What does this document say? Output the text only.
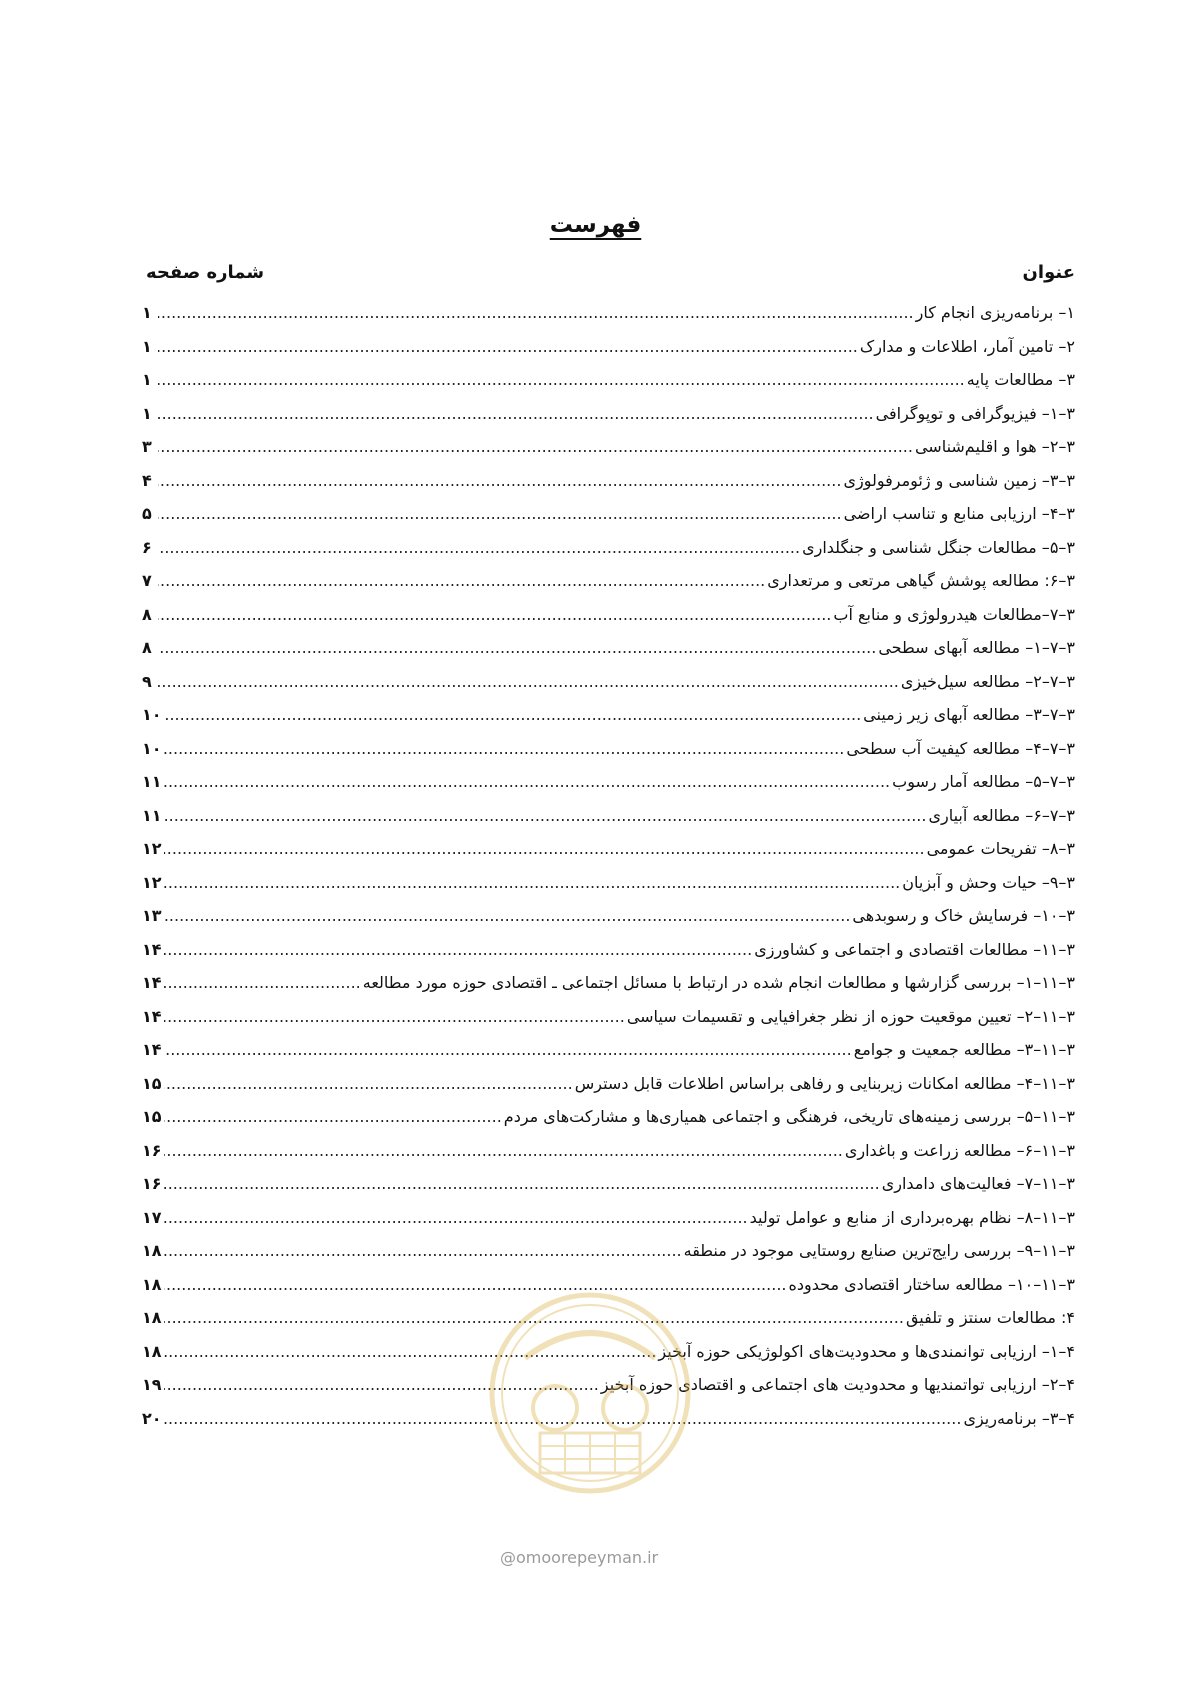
فهرست
عنوان
شماره صفحه
۱– برنامه‌ریزی انجام کار
.....
۱
۲– تامین آمار، اطلاعات و مدارک
.....
۱
۳– مطالعات پایه
.....
۱
۳–۱– فیزیوگرافی و توپوگرافی
.....
۱
۳–۲– هوا و اقلیم‌شناسی
.....
۳
۳–۳– زمین شناسی و ژئومرفولوژی
.....
۴
۳–۴– ارزیابی منابع و تناسب اراضی
.....
۵
۳–۵– مطالعات جنگل شناسی و جنگلداری
.....
۶
۳–۶: مطالعه پوشش گیاهی مرتعی و مرتعداری
.....
۷
۳–۷–مطالعات هیدرولوژی و منابع آب
.....
۸
۳–۷–۱– مطالعه آبهای سطحی
.....
۸
۳–۷–۲– مطالعه سیل‌خیزی
.....
۹
۳–۷–۳– مطالعه آبهای زیر زمینی
.....
۱۰
۳–۷–۴– مطالعه کیفیت آب سطحی
.....
۱۰
۳–۷–۵– مطالعه آمار رسوب
.....
۱۱
۳–۷–۶– مطالعه آبیاری
.....
۱۱
۳–۸– تفریحات عمومی
.....
۱۲
۳–۹– حیات وحش و آبزیان
.....
۱۲
۳–۱۰– فرسایش خاک و رسوبدهی
.....
۱۳
۳–۱۱– مطالعات اقتصادی و اجتماعی و کشاورزی
.....
۱۴
۳–۱۱–۱– بررسی گزارشها و مطالعات انجام شده در ارتباط با مسائل اجتماعی ـ اقتصادی حوزه مورد مطالعه
.....
۱۴
۳–۱۱–۲– تعیین موقعیت حوزه از نظر جغرافیایی و تقسیمات سیاسی
.....
۱۴
۳–۱۱–۳– مطالعه جمعیت و جوامع
.....
۱۴
۳–۱۱–۴– مطالعه امکانات زیربنایی و رفاهی براساس اطلاعات قابل دسترس
.....
۱۵
۳–۱۱–۵– بررسی زمینه‌های تاریخی، فرهنگی و اجتماعی همیاری‌ها و مشارکت‌های مردم
.....
۱۵
۳–۱۱–۶– مطالعه زراعت و باغداری
.....
۱۶
۳–۱۱–۷– فعالیت‌های دامداری
.....
۱۶
۳–۱۱–۸– نظام بهره‌برداری از منابع و عوامل تولید
.....
۱۷
۳–۱۱–۹– بررسی رایج‌ترین صنایع روستایی موجود در منطقه
.....
۱۸
۳–۱۱–۱۰– مطالعه ساختار اقتصادی محدوده
.....
۱۸
۴: مطالعات سنتز و تلفیق
.....
۱۸
۴–۱– ارزیابی توانمندی‌ها و محدودیت‌های اکولوژیکی حوزه آبخیز
.....
۱۸
۴–۲– ارزیابی تواتمندیها و محدودیت های اجتماعی و اقتصادی حوزه آبخیز
.....
۱۹
۴–۳– برنامه‌ریزی
.....
۲۰
@omoorepeyman.ir
